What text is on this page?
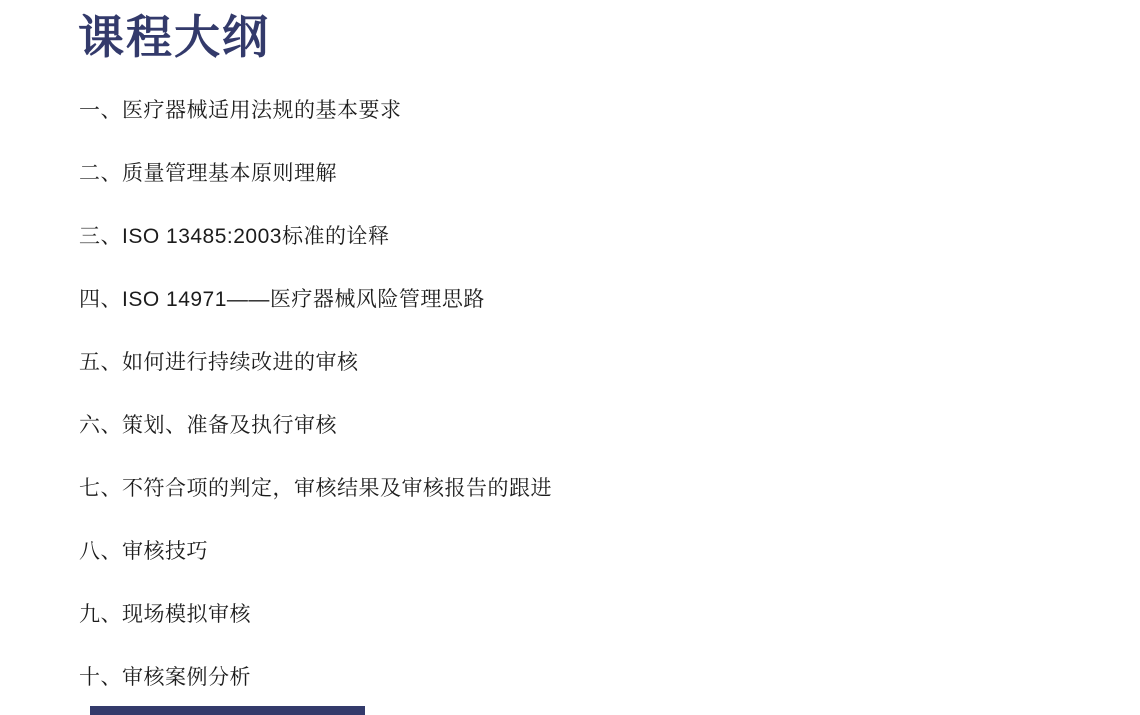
课程大纲
一、医疗器械适用法规的基本要求
二、质量管理基本原则理解
三、ISO 13485:2003标准的诠释
四、ISO 14971——医疗器械风险管理思路
五、如何进行持续改进的审核
六、策划、准备及执行审核
七、不符合项的判定，审核结果及审核报告的跟进
八、审核技巧
九、现场模拟审核
十、审核案例分析
